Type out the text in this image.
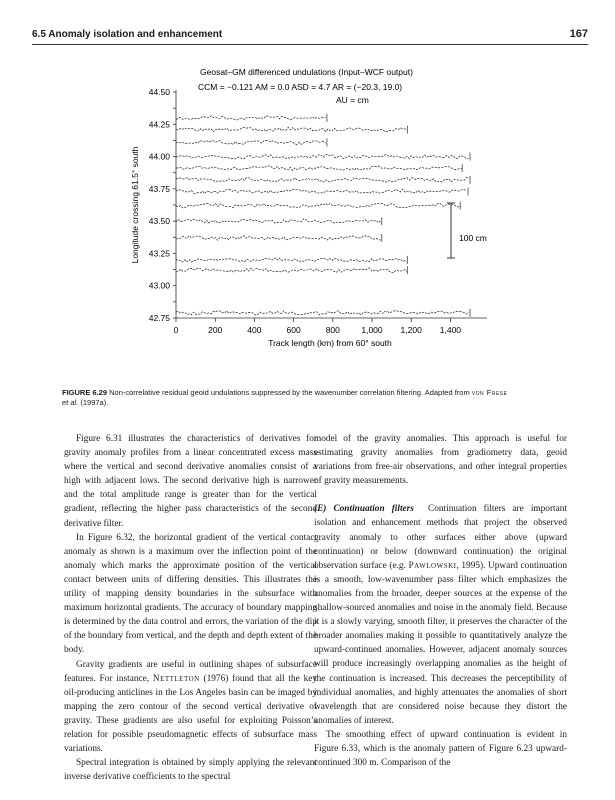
6.5 Anomaly isolation and enhancement	167
Geosat–GM differenced undulations (Input–WCF output)
CCM = −0.121 AM = 0.0 ASD = 4.7 AR = (−20.3, 19.0)
AU = cm
44.50
44.25
44.00
43.75
43.50
43.25
43.00
42.75
0	200	400	600	800	1,000 1,200 1,400
100 cm
Track length (km) from 60° south
Longitude crossing 61.5° south
FIGURE 6.29 Non-correlative residual geoid undulations suppressed by the wavenumber correlation filtering. Adapted from von Frese
et al. (1997a).

Figure 6.31 illustrates the characteristics of derivatives for gravity anomaly profiles from a linear concentrated excess mass where the vertical and second derivative anomalies consist of a high with adjacent lows. The second derivative high is narrower and the total amplitude range is greater than for the vertical gradient, reflecting the higher pass characteristics of the second derivative filter.

In Figure 6.32, the horizontal gradient of the vertical contact anomaly as shown is a maximum over the inflection point of the anomaly which marks the approximate position of the vertical contact between units of differing densities. This illustrates the utility of mapping density boundaries in the subsurface with maximum horizontal gradients. The accuracy of boundary mapping is determined by the data control and errors, the variation of the dip of the boundary from vertical, and the depth and depth extent of the body.

Gravity gradients are useful in outlining shapes of subsurface features. For instance, Nettleton (1976) found that all the key oil-producing anticlines in the Los Angeles basin can be imaged by mapping the zero contour of the second vertical derivative of gravity. These gradients are also useful for exploiting Poisson’s relation for possible pseudomagnetic effects of subsurface mass variations.

Spectral integration is obtained by simply applying the relevant inverse derivative coefficients to the spectral

model of the gravity anomalies. This approach is useful for estimating gravity anomalies from gradiometry data, geoid variations from free-air observations, and other integral properties of gravity measurements.

(E) Continuation filters Continuation filters are important isolation and enhancement methods that project the observed gravity anomaly to other surfaces either above (upward continuation) or below (downward continuation) the original observation surface (e.g. Pawlowski, 1995). Upward continuation is a smooth, low-wavenumber pass filter which emphasizes the anomalies from the broader, deeper sources at the expense of the shallow-sourced anomalies and noise in the anomaly field. Because it is a slowly varying, smooth filter, it preserves the character of the broader anomalies making it possible to quantitatively analyze the upward-continued anomalies. However, adjacent anomaly sources will produce increasingly overlapping anomalies as the height of the continuation is increased. This decreases the perceptibility of individual anomalies, and highly attenuates the anomalies of short wavelength that are considered noise because they distort the anomalies of interest.

The smoothing effect of upward continuation is evident in Figure 6.33, which is the anomaly pattern of Figure 6.23 upward-continued 300 m. Comparison of the
